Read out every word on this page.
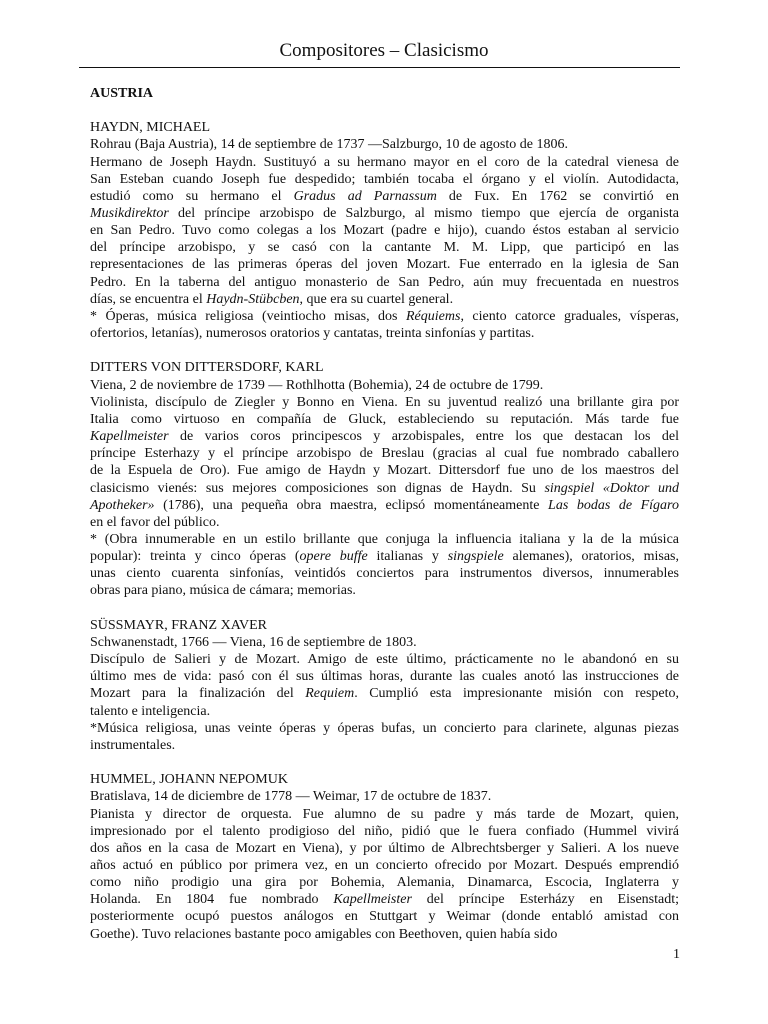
Compositores – Clasicismo

AUSTRIA

HAYDN, MICHAEL

Rohrau (Baja Austria), 14 de septiembre de 1737 —Salzburgo, 10 de agosto de 1806.

Hermano de Joseph Haydn. Sustituyó a su hermano mayor en el coro de la catedral vienesa de
San Esteban cuando Joseph fue despedido; también tocaba el órgano y el violín. Autodidacta,
estudió como su hermano el Gradus ad Parnassum de Fux. En 1762 se convirtió en
Musikdirektor del príncipe arzobispo de Salzburgo, al mismo tiempo que ejercía de organista
en San Pedro. Tuvo como colegas a los Mozart (padre e hijo), cuando éstos estaban al servicio
del príncipe arzobispo, y se casó con la cantante M. M. Lipp, que participó en las
representaciones de las primeras óperas del joven Mozart. Fue enterrado en la iglesia de San
Pedro. En la taberna del antiguo monasterio de San Pedro, aún muy frecuentada en nuestros
días, se encuentra el Haydn-Stübcben, que era su cuartel general.
* Óperas, música religiosa (veintiocho misas, dos Réquiems, ciento catorce graduales, vísperas,
ofertorios, letanías), numerosos oratorios y cantatas, treinta sinfonías y partitas.

DITTERS VON DITTERSDORF, KARL

Viena, 2 de noviembre de 1739 — Rothlhotta (Bohemia), 24 de octubre de 1799.

Violinista, discípulo de Ziegler y Bonno en Viena. En su juventud realizó una brillante gira por
Italia como virtuoso en compañía de Gluck, estableciendo su reputación. Más tarde fue
Kapellmeister de varios coros principescos y arzobispales, entre los que destacan los del
príncipe Esterhazy y el príncipe arzobispo de Breslau (gracias al cual fue nombrado caballero
de la Espuela de Oro). Fue amigo de Haydn y Mozart. Dittersdorf fue uno de los maestros del
clasicismo vienés: sus mejores composiciones son dignas de Haydn. Su singspiel «Doktor und
Apotheker» (1786), una pequeña obra maestra, eclipsó momentáneamente Las bodas de Fígaro
en el favor del público.
* (Obra innumerable en un estilo brillante que conjuga la influencia italiana y la de la música
popular): treinta y cinco óperas (opere buffe italianas y singspiele alemanes), oratorios, misas,
unas ciento cuarenta sinfonías, veintidós conciertos para instrumentos diversos, innumerables
obras para piano, música de cámara; memorias.

SÜSSMAYR, FRANZ XAVER

Schwanenstadt, 1766 — Viena, 16 de septiembre de 1803.

Discípulo de Salieri y de Mozart. Amigo de este último, prácticamente no le abandonó en su
último mes de vida: pasó con él sus últimas horas, durante las cuales anotó las instrucciones de
Mozart para la finalización del Requiem. Cumplió esta impresionante misión con respeto,
talento e inteligencia.
*Música religiosa, unas veinte óperas y óperas bufas, un concierto para clarinete, algunas piezas
instrumentales.

HUMMEL, JOHANN NEPOMUK

Bratislava, 14 de diciembre de 1778 — Weimar, 17 de octubre de 1837.

Pianista y director de orquesta. Fue alumno de su padre y más tarde de Mozart, quien,
impresionado por el talento prodigioso del niño, pidió que le fuera confiado (Hummel vivirá
dos años en la casa de Mozart en Viena), y por último de Albrechtsberger y Salieri. A los nueve
años actuó en público por primera vez, en un concierto ofrecido por Mozart. Después emprendió
como niño prodigio una gira por Bohemia, Alemania, Dinamarca, Escocia, Inglaterra y
Holanda. En 1804 fue nombrado Kapellmeister del príncipe Esterházy en Eisenstadt;
posteriormente ocupó puestos análogos en Stuttgart y Weimar (donde entabló amistad con
Goethe). Tuvo relaciones bastante poco amigables con Beethoven, quien había sido
1
